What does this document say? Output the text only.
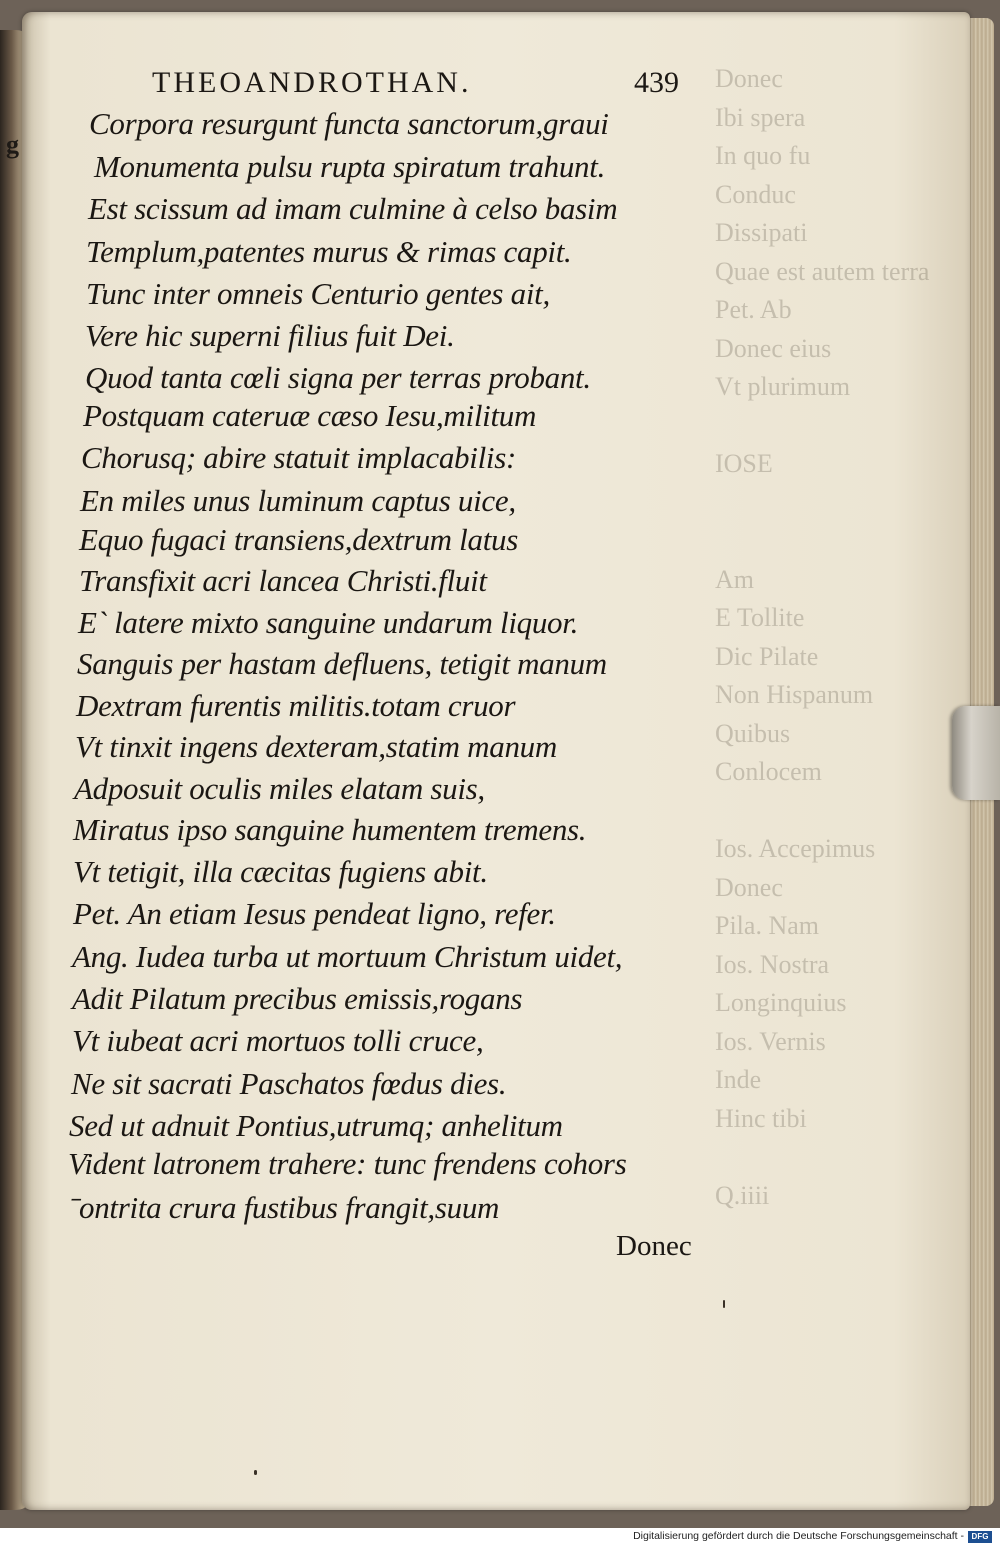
Donec
Ibi spera
In quo fu
Conduc
Dissipati
Quae est autem terra
Pet. Ab
Donec eius
Vt plurimum

IOSE

Am
E Tollite
Dic Pilate
Non Hispanum
Quibus
Conlocem

Ios. Accepimus
Donec
Pila. Nam
Ios. Nostra
Longinquius
Ios. Vernis
Inde
Hinc tibi

Q.iiii
g
THEOANDROTHAN.	439
Corpora resurgunt functa sanctorum,graui
Monumenta pulsu rupta spiratum trahunt.
Est scissum ad imam culmine à celso basim
Templum,patentes murus & rimas capit.
Tunc inter omneis Centurio gentes ait,
Vere hic superni filius fuit Dei.
Quod tanta cœli signa per terras probant.
Postquam cateruæ cæso Iesu,militum
Chorusq; abire statuit implacabilis:
En miles unus luminum captus uice,
Equo fugaci transiens,dextrum latus
Transfixit acri lancea Christi.fluit
E` latere mixto sanguine undarum liquor.
Sanguis per hastam defluens, tetigit manum
Dextram furentis militis.totam cruor
Vt tinxit ingens dexteram,statim manum
Adposuit oculis miles elatam suis,
Miratus ipso sanguine humentem tremens.
Vt tetigit, illa cæcitas fugiens abit.
Pet. An etiam Iesus pendeat ligno, refer.
Ang. Iudea turba ut mortuum Christum uidet,
Adit Pilatum precibus emissis,rogans
Vt iubeat acri mortuos tolli cruce,
Ne sit sacrati Paschatos fœdus dies.
Sed ut adnuit Pontius,utrumq; anhelitum
Vident latronem trahere: tunc frendens cohors
ˉontrita crura fustibus frangit,suum
Donec
Digitalisierung gefördert durch die Deutsche Forschungsgemeinschaft - DFG
